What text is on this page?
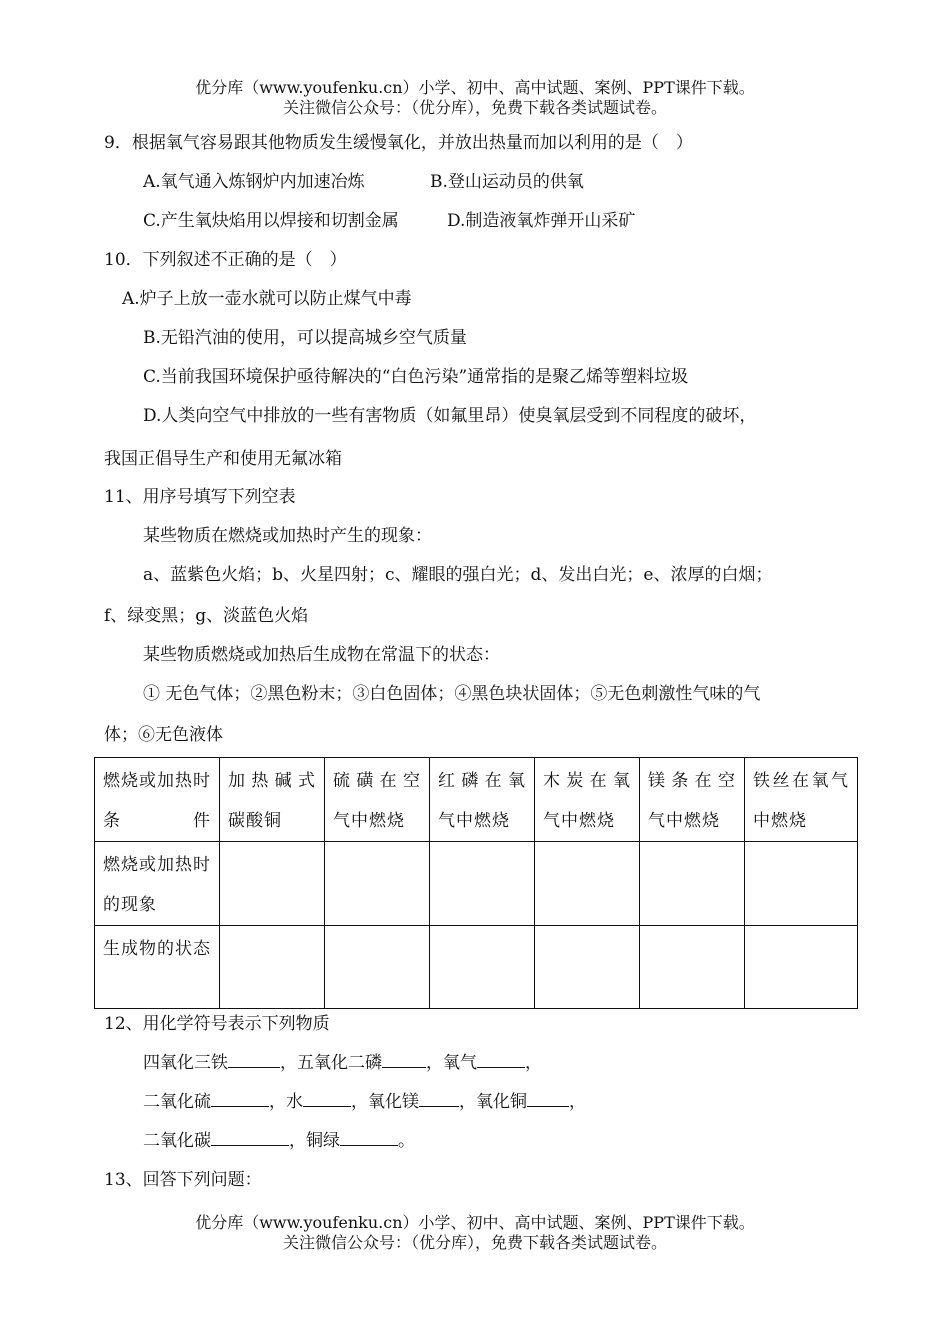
优分库（www.youfenku.cn）小学、初中、高中试题、案例、PPT课件下载。
关注微信公众号：（优分库），免费下载各类试题试卷。
9．根据氧气容易跟其他物质发生缓慢氧化，并放出热量而加以利用的是（　）
A.氧气通入炼钢炉内加速冶炼	B.登山运动员的供氧
C.产生氧炔焰用以焊接和切割金属	D.制造液氧炸弹开山采矿
10．下列叙述不正确的是（　）
A.炉子上放一壶水就可以防止煤气中毒
B.无铅汽油的使用，可以提高城乡空气质量
C.当前我国环境保护亟待解决的“白色污染”通常指的是聚乙烯等塑料垃圾
D.人类向空气中排放的一些有害物质（如氟里昂）使臭氧层受到不同程度的破坏，
我国正倡导生产和使用无氟冰箱
11、用序号填写下列空表
某些物质在燃烧或加热时产生的现象：
a、蓝紫色火焰；b、火星四射；c、耀眼的强白光；d、发出白光；e、浓厚的白烟；
f、绿变黑；g、淡蓝色火焰
某些物质燃烧或加热后生成物在常温下的状态：
① 无色气体；②黑色粉末；③白色固体；④黑色块状固体；⑤无色刺激性气味的气
体；⑥无色液体
燃烧或加热时条件	加热碱式碳酸铜	硫磺在空气中燃烧	红磷在氧气中燃烧	木炭在氧气中燃烧	镁条在空气中燃烧	铁丝在氧气中燃烧
燃烧或加热时的现象						
生成物的状态						
12、用化学符号表示下列物质
四氧化三铁	，五氧化二磷	，氧气	，
二氧化硫	，水	，氧化镁 ，氧化铜 ，
二氧化碳	，铜绿	。
13、回答下列问题：
优分库（www.youfenku.cn）小学、初中、高中试题、案例、PPT课件下载。
关注微信公众号：（优分库），免费下载各类试题试卷。
